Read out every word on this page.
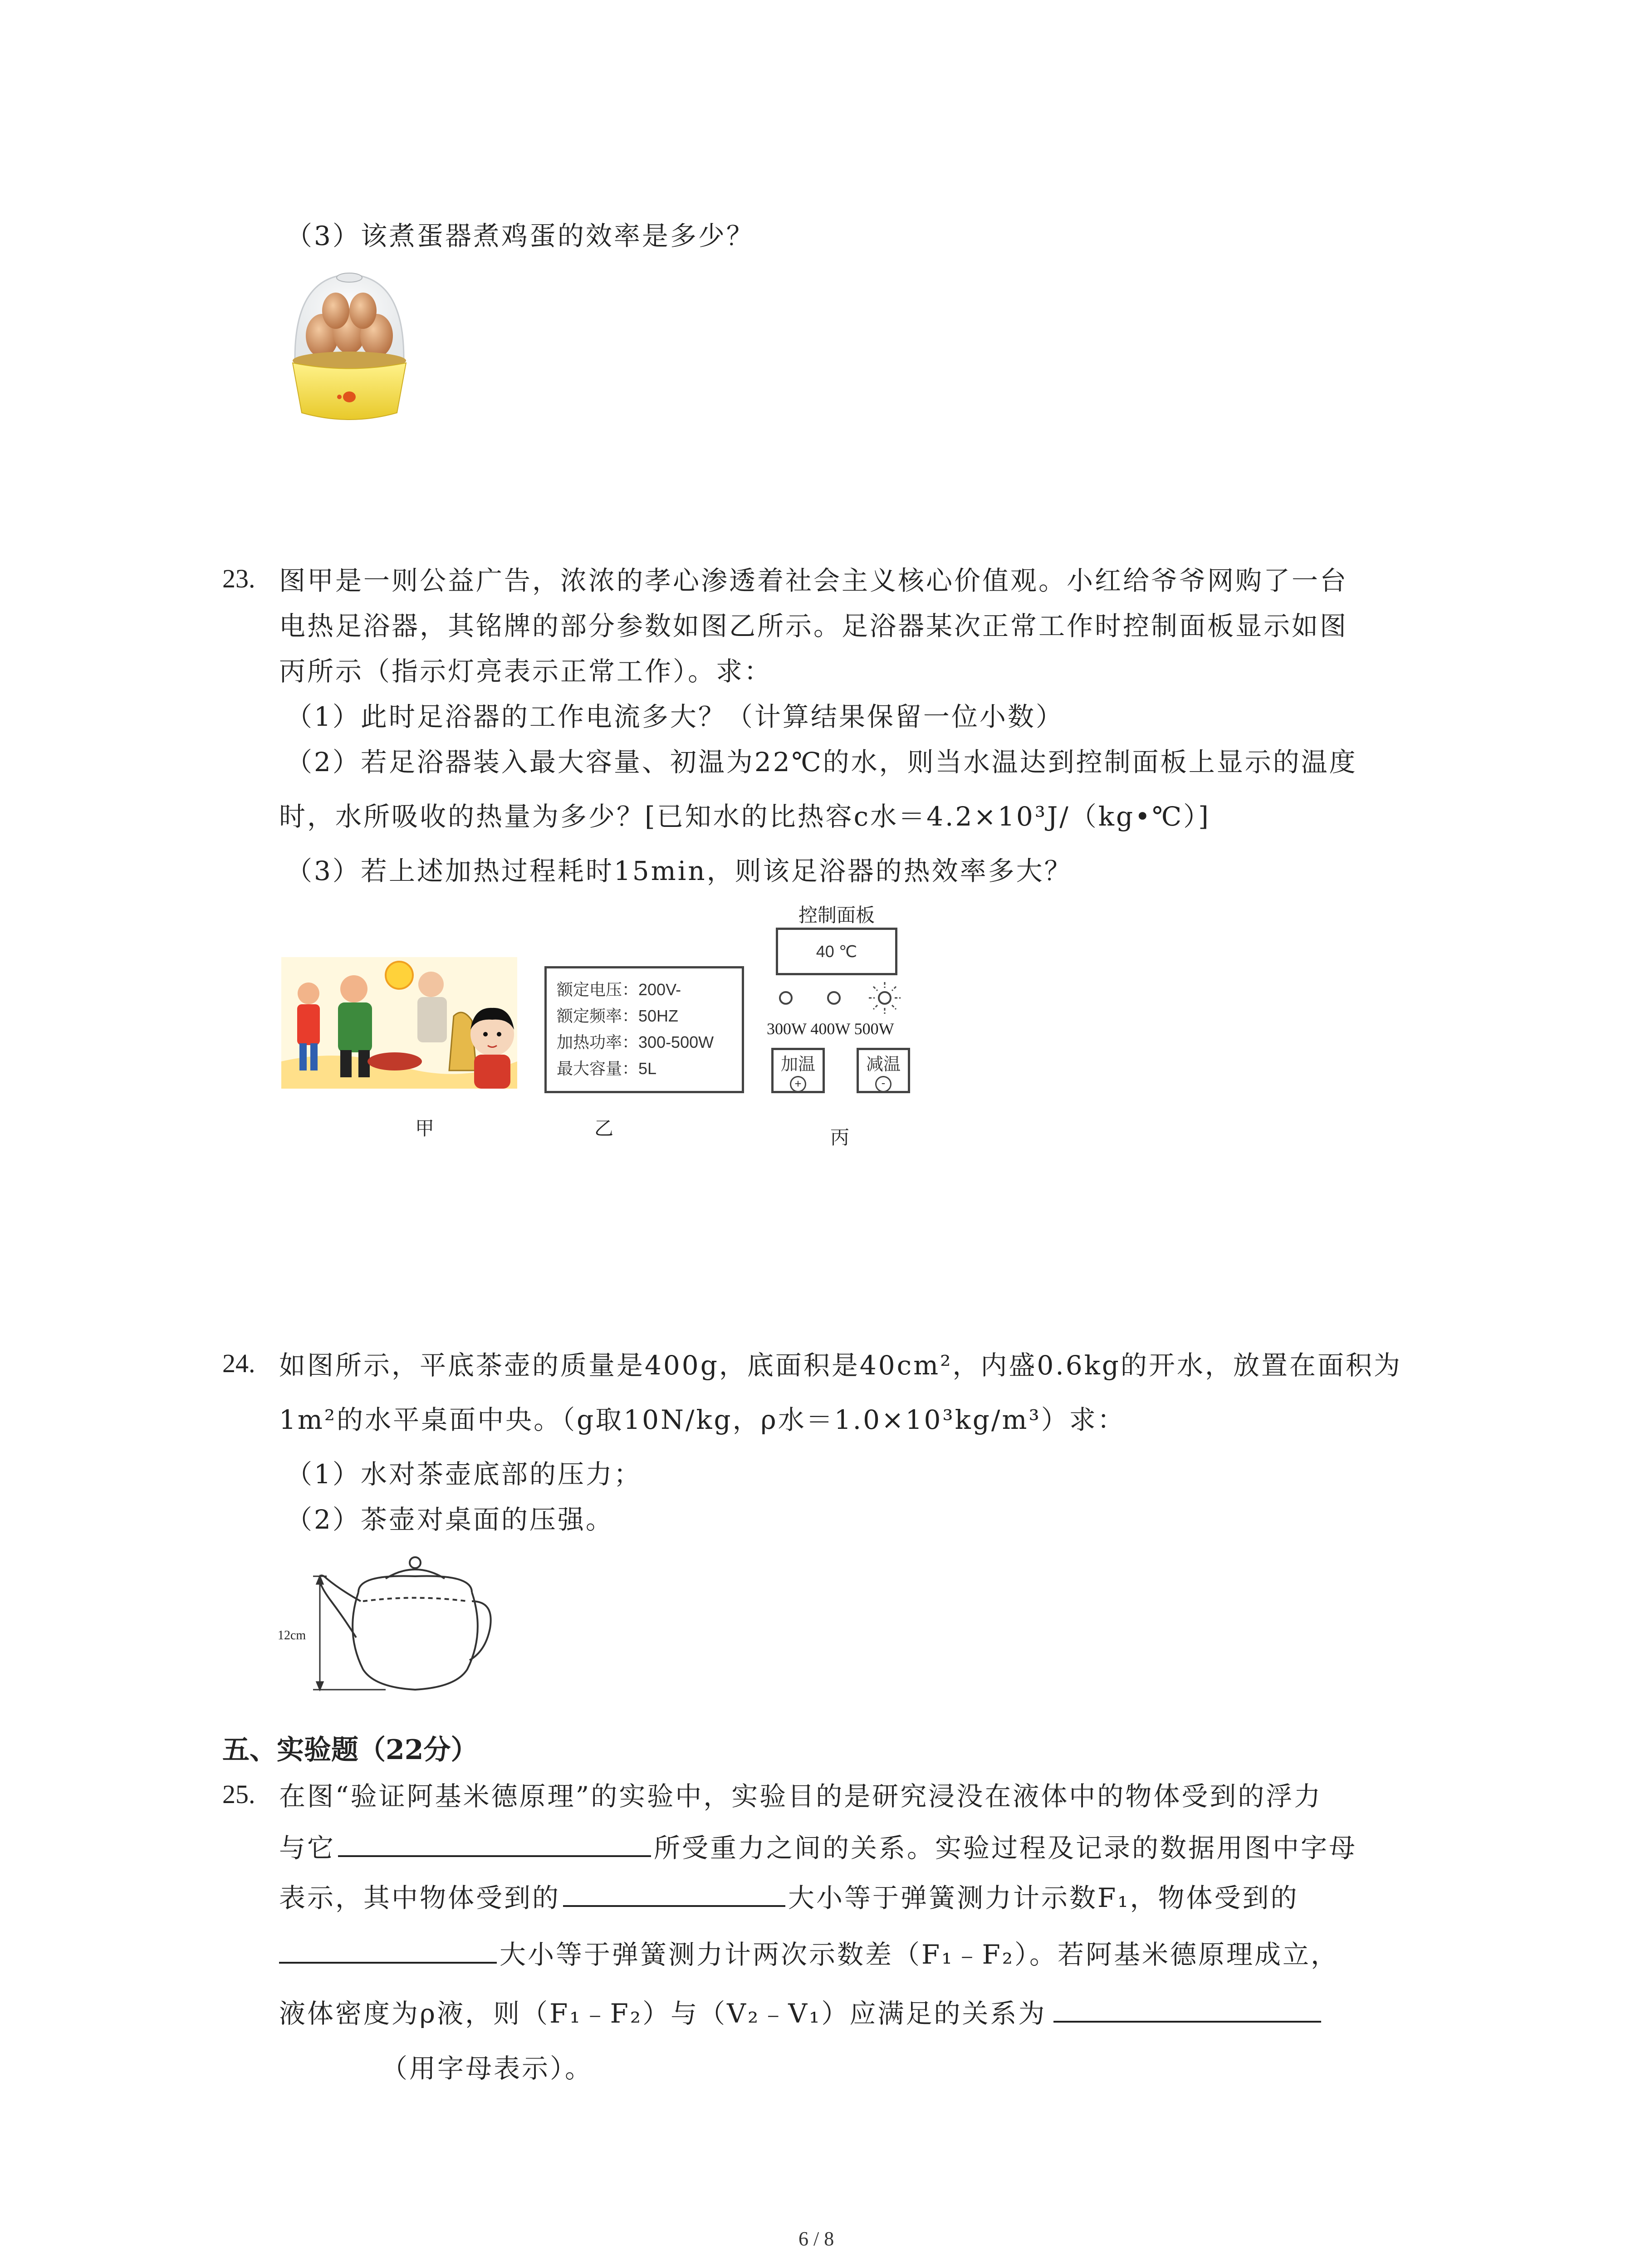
（3）该煮蛋器煮鸡蛋的效率是多少？
23. 图甲是一则公益广告，浓浓的孝心渗透着社会主义核心价值观。小红给爷爷网购了一台
电热足浴器，其铭牌的部分参数如图乙所示。足浴器某次正常工作时控制面板显示如图
丙所示（指示灯亮表示正常工作）。求：
（1）此时足浴器的工作电流多大？（计算结果保留一位小数）
（2）若足浴器装入最大容量、初温为22℃的水，则当水温达到控制面板上显示的温度
时，水所吸收的热量为多少？[已知水的比热容c水＝4.2×10³J/（kg•℃）]
（3）若上述加热过程耗时15min，则该足浴器的热效率多大？
额定电压：200V-
额定频率：50HZ
加热功率：300-500W
最大容量：5L
控制面板
40 ℃
300W 400W 500W
加温
+
减温
-
甲	乙	丙
24. 如图所示，平底茶壶的质量是400g，底面积是40cm²，内盛0.6kg的开水，放置在面积为
1m²的水平桌面中央。（g取10N/kg，ρ水＝1.0×10³kg/m³）求：
（1）水对茶壶底部的压力；
（2）茶壶对桌面的压强。
12cm
五、实验题（22分）
25. 在图“验证阿基米德原理”的实验中，实验目的是研究浸没在液体中的物体受到的浮力
与它	所受重力之间的关系。实验过程及记录的数据用图中字母
表示，其中物体受到的	大小等于弹簧测力计示数F₁，物体受到的
大小等于弹簧测力计两次示数差（F₁﹣F₂）。若阿基米德原理成立，
液体密度为ρ液，则（F₁﹣F₂）与（V₂﹣V₁）应满足的关系为
（用字母表示）。
6 / 8
